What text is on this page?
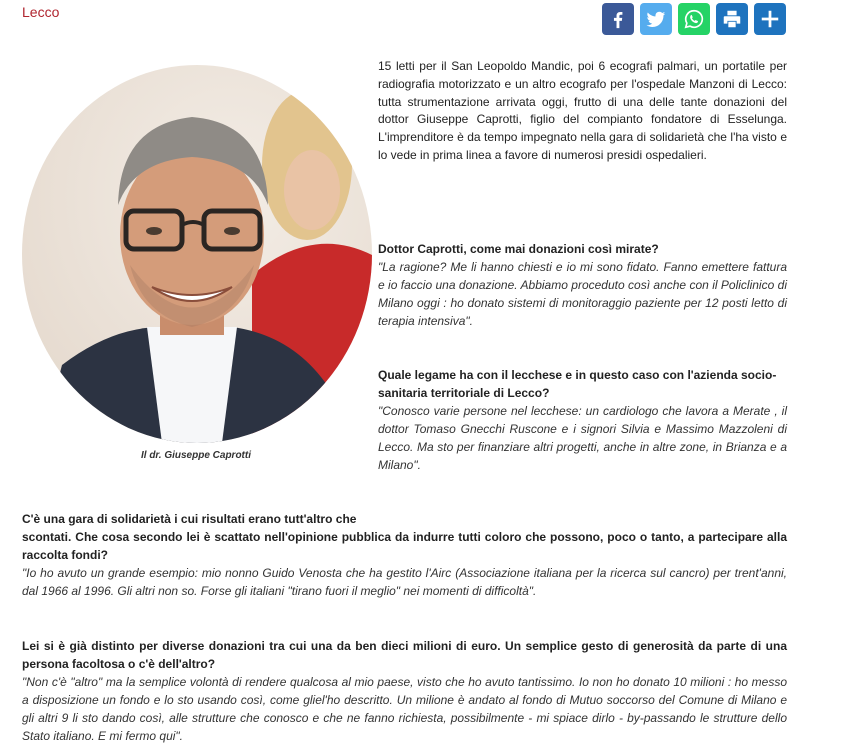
Lecco
Il dr. Giuseppe Caprotti

15 letti per il San Leopoldo Mandic, poi 6 ecografi palmari, un portatile per radiografia motorizzato e un altro ecografo per l'ospedale Manzoni di Lecco: tutta strumentazione arrivata oggi, frutto di una delle tante donazioni del dottor Giuseppe Caprotti, figlio del compianto fondatore di Esselunga. L'imprenditore è da tempo impegnato nella gara di solidarietà che l'ha visto e lo vede in prima linea a favore di numerosi presidi ospedalieri.

Dottor Caprotti, come mai donazioni così mirate?

"La ragione? Me li hanno chiesti e io mi sono fidato. Fanno emettere fattura e io faccio una donazione. Abbiamo proceduto così anche con il Policlinico di Milano oggi : ho donato sistemi di monitoraggio paziente per 12 posti letto di terapia intensiva".

Quale legame ha con il lecchese e in questo caso con l'azienda socio-sanitaria territoriale di Lecco?

"Conosco varie persone nel lecchese: un cardiologo che lavora a Merate , il dottor Tomaso Gnecchi Ruscone e i signori Silvia e Massimo Mazzoleni di Lecco. Ma sto per finanziare altri progetti, anche in altre zone, in Brianza e a Milano".

C'è una gara di solidarietà i cui risultati erano tutt'altro che

scontati. Che cosa secondo lei è scattato nell'opinione pubblica da indurre tutti coloro che possono, poco o tanto, a partecipare alla raccolta fondi?

"Io ho avuto un grande esempio: mio nonno Guido Venosta che ha gestito l'Airc (Associazione italiana per la ricerca sul cancro) per trent'anni, dal 1966 al 1996. Gli altri non so. Forse gli italiani "tirano fuori il meglio" nei momenti di difficoltà".

Lei si è già distinto per diverse donazioni tra cui una da ben dieci milioni di euro. Un semplice gesto di generosità da parte di una persona facoltosa o c'è dell'altro?

"Non c'è "altro" ma la semplice volontà di rendere qualcosa al mio paese, visto che ho avuto tantissimo. Io non ho donato 10 milioni : ho messo a disposizione un fondo e lo sto usando così, come gliel'ho descritto. Un milione è andato al fondo di Mutuo soccorso del Comune di Milano e gli altri 9 li sto dando così, alle strutture che conosco e che ne fanno richiesta, possibilmente - mi spiace dirlo - by-passando le strutture dello Stato italiano. E mi fermo qui".
